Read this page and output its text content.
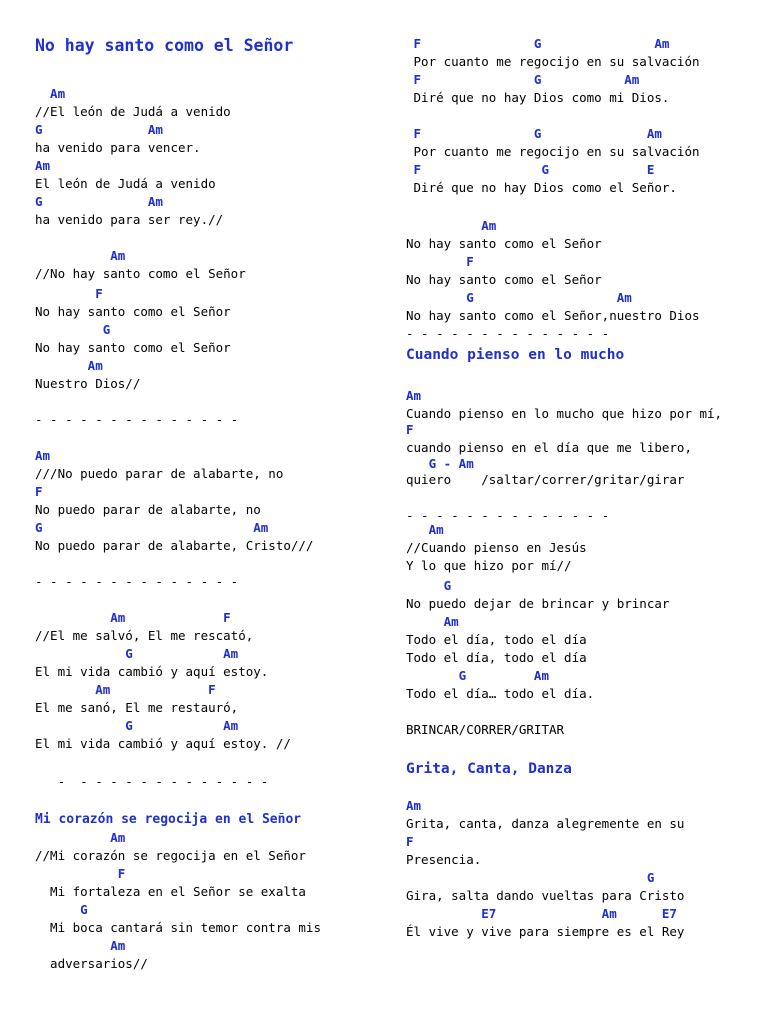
No hay santo como el Señor
Am
//El león de Judá a venido
G              Am
ha venido para vencer.
Am
El león de Judá a venido
G              Am
ha venido para ser rey.//
Am
//No hay santo como el Señor
F
No hay santo como el Señor
G
No hay santo como el Señor
Am
Nuestro Dios//
- - - - - - - - - - - - - -
Am
///No puedo parar de alabarte, no
F
No puedo parar de alabarte, no
G                            Am
No puedo parar de alabarte, Cristo///
- - - - - - - - - - - - - -
Am             F
//El me salvó, El me rescató,
G            Am
El mi vida cambió y aquí estoy.
Am             F
El me sanó, El me restauró,
G            Am
El mi vida cambió y aquí estoy. //
-  - - - - - - - - - - - - -
Mi corazón se regocija en el Señor
Am
//Mi corazón se regocija en el Señor
F
Mi fortaleza en el Señor se exalta
G
Mi boca cantará sin temor contra mis
Am
adversarios//
F               G               Am
Por cuanto me regocijo en su salvación
F               G           Am
Diré que no hay Dios como mi Dios.
F               G              Am
Por cuanto me regocijo en su salvación
F                G             E
Diré que no hay Dios como el Señor.
Am
No hay santo como el Señor
F
No hay santo como el Señor
G                   Am
No hay santo como el Señor,nuestro Dios
- - - - - - - - - - - - - -
Cuando pienso en lo mucho
Am
Cuando pienso en lo mucho que hizo por mí,
F
cuando pienso en el día que me libero,
G - Am
quiero    /saltar/correr/gritar/girar
- - - - - - - - - - - - - -
Am
//Cuando pienso en Jesús
Y lo que hizo por mí//
G
No puedo dejar de brincar y brincar
Am
Todo el día, todo el día
Todo el día, todo el día
G         Am
Todo el día… todo el día.
BRINCAR/CORRER/GRITAR
Grita, Canta, Danza
Am
Grita, canta, danza alegremente en su
F
Presencia.
G
Gira, salta dando vueltas para Cristo
E7              Am      E7
Él vive y vive para siempre es el Rey
